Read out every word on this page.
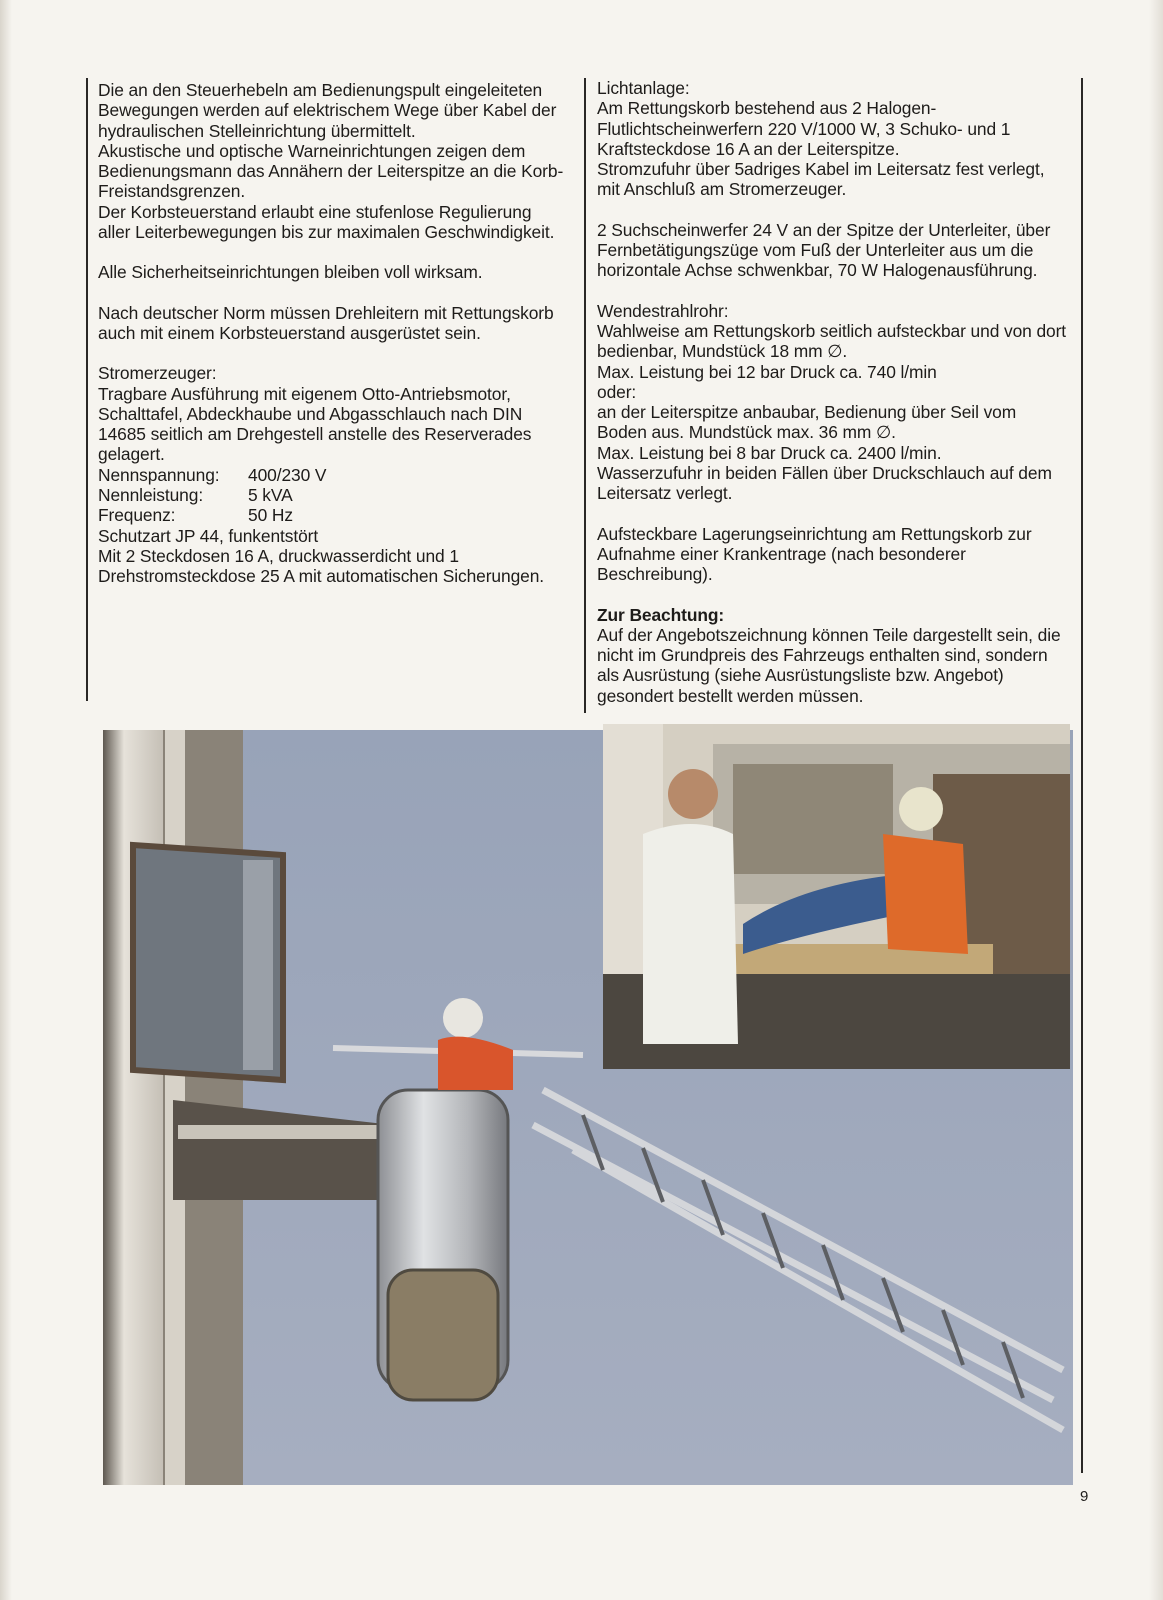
Die an den Steuerhebeln am Bedienungspult eingeleiteten Bewegungen werden auf elektrischem Wege über Kabel der hydraulischen Stelleinrichtung übermittelt.

Akustische und optische Warneinrichtungen zeigen dem Bedienungsmann das Annähern der Leiterspitze an die Korb-Freistandsgrenzen.

Der Korbsteuerstand erlaubt eine stufenlose Regulierung aller Leiterbewegungen bis zur maximalen Geschwindigkeit.

Alle Sicherheitseinrichtungen bleiben voll wirksam.

Nach deutscher Norm müssen Drehleitern mit Rettungskorb auch mit einem Korbsteuerstand ausgerüstet sein.

Stromerzeuger:

Tragbare Ausführung mit eigenem Otto-Antriebsmotor, Schalttafel, Abdeckhaube und Abgasschlauch nach DIN 14685 seitlich am Drehgestell anstelle des Reserverades gelagert.

Nennspannung:	400/230 V
Nennleistung:	5 kVA
Frequenz:	50 Hz

Schutzart JP 44, funkentstört

Mit 2 Steckdosen 16 A, druckwasserdicht und 1 Drehstromsteckdose 25 A mit automatischen Sicherungen.

Lichtanlage:

Am Rettungskorb bestehend aus 2 Halogen-Flutlichtscheinwerfern 220 V/1000 W, 3 Schuko- und 1 Kraftsteckdose 16 A an der Leiterspitze.

Stromzufuhr über 5adriges Kabel im Leitersatz fest verlegt, mit Anschluß am Stromerzeuger.

2 Suchscheinwerfer 24 V an der Spitze der Unterleiter, über Fernbetätigungszüge vom Fuß der Unterleiter aus um die horizontale Achse schwenkbar, 70 W Halogenausführung.

Wendestrahlrohr:

Wahlweise am Rettungskorb seitlich aufsteckbar und von dort bedienbar, Mundstück 18 mm ∅.

Max. Leistung bei 12 bar Druck ca. 740 l/min

oder:

an der Leiterspitze anbaubar, Bedienung über Seil vom Boden aus. Mundstück max. 36 mm ∅.

Max. Leistung bei 8 bar Druck ca. 2400 l/min.

Wasserzufuhr in beiden Fällen über Druckschlauch auf dem Leitersatz verlegt.

Aufsteckbare Lagerungseinrichtung am Rettungskorb zur Aufnahme einer Krankentrage (nach besonderer Beschreibung).

Zur Beachtung:

Auf der Angebotszeichnung können Teile dargestellt sein, die nicht im Grundpreis des Fahrzeugs enthalten sind, sondern als Ausrüstung (siehe Ausrüstungsliste bzw. Angebot) gesondert bestellt werden müssen.

9
